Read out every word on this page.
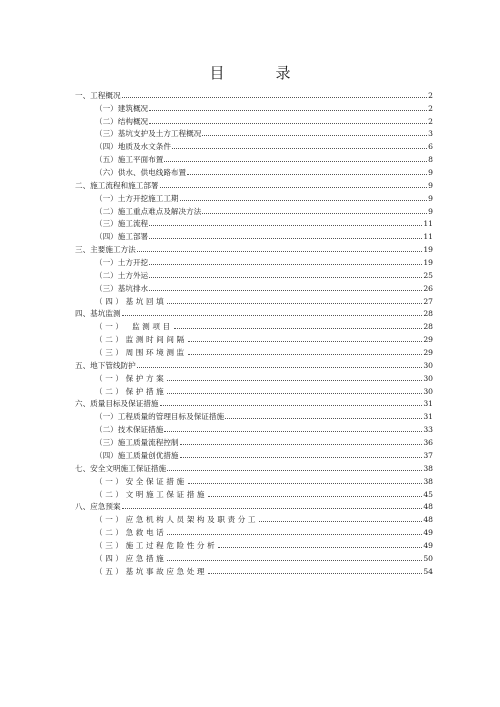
目　录
一、工程概况	2
（一）建筑概况	2
（二）结构概况	2
（三）基坑支护及土方工程概况	3
（四）地质及水文条件	6
（五）施工平面布置	8
（六）供水、供电线路布置	9
二、施工流程和施工部署	9
（一）土方开挖施工工期	9
（二）施工重点难点及解决方法	9
（三）施工流程	11
（四）施工部署	11
三、主要施工方法	19
（一）土方开挖	19
（二）土方外运	25
（三）基坑排水	26
（四）基坑回填	27
四、基坑监测	28
（一）　监测项目	28
（二）监测时间间隔	29
（三）周围环境测监	29
五、地下管线防护	30
（一）保护方案	30
（二）保护措施	30
六、质量目标及保证措施	31
（一）工程质量的管理目标及保证措施	31
（二）技术保证措施	33
（三）施工质量流程控制	36
（四）施工质量创优措施	37
七、安全文明施工保证措施	38
（一）安全保证措施	38
（二）文明施工保证措施	45
八、应急预案	48
（一）应急机构人员架构及职责分工	48
（二）急救电话	49
（三）施工过程危险性分析	49
（四）应急措施	50
（五）基坑事故应急处理	54
